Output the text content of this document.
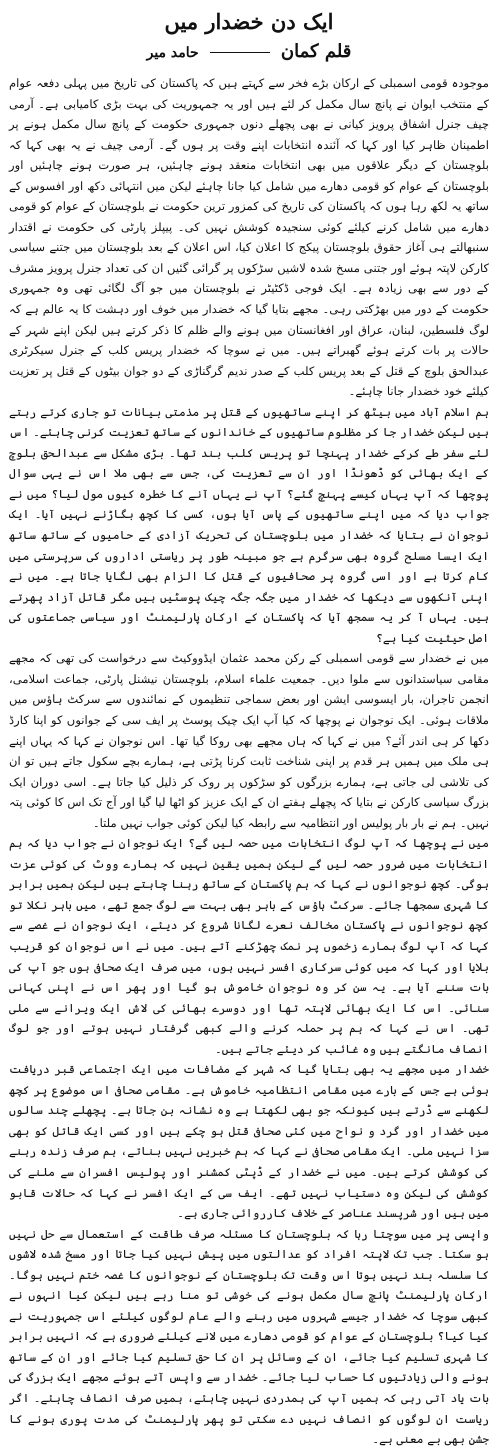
ایک دن خضدار میں
قلم کمان  حامد میر

موجودہ قومی اسمبلی کے ارکان بڑے فخر سے کہتے ہیں کہ پاکستان کی تاریخ میں پہلی دفعہ عوام کے منتخب ایوان نے پانچ سال مکمل کر لئے ہیں اور یہ جمہوریت کی بہت بڑی کامیابی ہے۔ آرمی چیف جنرل اشفاق پرویز کیانی نے بھی پچھلے دنوں جمہوری حکومت کے پانچ سال مکمل ہونے پر اطمینان ظاہر کیا اور کہا کہ آئندہ انتخابات اپنے وقت پر ہوں گے۔ آرمی چیف نے یہ بھی کہا کہ بلوچستان کے دیگر علاقوں میں بھی انتخابات منعقد ہونے چاہئیں، ہر صورت ہونے چاہئیں اور بلوچستان کے عوام کو قومی دھارے میں شامل کیا جانا چاہئے لیکن میں انتہائی دکھ اور افسوس کے ساتھ یہ لکھ رہا ہوں کہ پاکستان کی تاریخ کی کمزور ترین حکومت نے بلوچستان کے عوام کو قومی دھارے میں شامل کرنے کیلئے کوئی سنجیدہ کوشش نہیں کی۔ پیپلز پارٹی کی حکومت نے اقتدار سنبھالتے ہی آغاز حقوق بلوچستان پیکج کا اعلان کیا، اس اعلان کے بعد بلوچستان میں جتنے سیاسی کارکن لاپتہ ہوئے اور جتنی مسخ شدہ لاشیں سڑکوں پر گرائی گئیں ان کی تعداد جنرل پرویز مشرف کے دور سے بھی زیادہ ہے۔ ایک فوجی ڈکٹیٹر نے بلوچستان میں جو آگ لگائی تھی وہ جمہوری حکومت کے دور میں بھڑکتی رہی۔ مجھے بتایا گیا کہ خضدار میں خوف اور دہشت کا یہ عالم ہے کہ لوگ فلسطین، لبنان، عراق اور افغانستان میں ہونے والے ظلم کا ذکر کرتے ہیں لیکن اپنے شہر کے حالات پر بات کرتے ہوئے گھبراتے ہیں۔ میں نے سوچا کہ خضدار پریس کلب کے جنرل سیکرٹری عبدالحق بلوچ کے قتل کے بعد پریس کلب کے صدر ندیم گرگناڑی کے دو جوان بیٹوں کے قتل پر تعزیت کیلئے خود خضدار جانا چاہئے۔

ہم اسلام آباد میں بیٹھ کر اپنے ساتھیوں کے قتل پر مذمتی بیانات تو جاری کرتے رہتے ہیں لیکن خضدار جا کر مظلوم ساتھیوں کے خاندانوں کے ساتھ تعزیت کرنی چاہئے۔ اس لئے سفر طے کرکے خضدار پہنچا تو پریس کلب بند تھا۔ بڑی مشکل سے عبدالحق بلوچ کے ایک بھائی کو ڈھونڈا اور ان سے تعزیت کی، جس سے بھی ملا اس نے یہی سوال پوچھا کہ آپ یہاں کیسے پہنچ گئے؟ آپ نے یہاں آنے کا خطرہ کیوں مول لیا؟ میں نے جواب دیا کہ میں اپنے ساتھیوں کے پاس آیا ہوں، کسی کا کچھ بگاڑنے نہیں آیا۔ ایک نوجوان نے بتایا کہ خضدار میں بلوچستان کی تحریک آزادی کے حامیوں کے ساتھ ساتھ ایک ایسا مسلح گروہ بھی سرگرم ہے جو مبینہ طور پر ریاستی اداروں کی سرپرستی میں کام کرتا ہے اور اسی گروہ پر صحافیوں کے قتل کا الزام بھی لگایا جاتا ہے۔ میں نے اپنی آنکھوں سے دیکھا کہ خضدار میں جگہ جگہ چیک پوسٹیں ہیں مگر قاتل آزاد پھرتے ہیں۔ یہاں آ کر یہ سمجھ آیا کہ پاکستان کے ارکان پارلیمنٹ اور سیاسی جماعتوں کی اصل حیثیت کیا ہے؟

میں نے خضدار سے قومی اسمبلی کے رکن محمد عثمان ایڈووکیٹ سے درخواست کی تھی کہ مجھے مقامی سیاستدانوں سے ملوا دیں۔ جمعیت علماء اسلام، بلوچستان نیشنل پارٹی، جماعت اسلامی، انجمن تاجران، بار ایسوسی ایشن اور بعض سماجی تنظیموں کے نمائندوں سے سرکٹ ہاؤس میں ملاقات ہوئی۔ ایک نوجوان نے پوچھا کہ کیا آپ ایک چیک پوسٹ پر ایف سی کے جوانوں کو اپنا کارڈ دکھا کر ہی اندر آئے؟ میں نے کہا کہ ہاں مجھے بھی روکا گیا تھا۔ اس نوجوان نے کہا کہ یہاں اپنے ہی ملک میں ہمیں ہر قدم پر اپنی شناخت ثابت کرنا پڑتی ہے، ہمارے بچے سکول جاتے ہیں تو ان کی تلاشی لی جاتی ہے، ہمارے بزرگوں کو سڑکوں پر روک کر ذلیل کیا جاتا ہے۔ اسی دوران ایک بزرگ سیاسی کارکن نے بتایا کہ پچھلے ہفتے ان کے ایک عزیز کو اٹھا لیا گیا اور آج تک اس کا کوئی پتہ نہیں۔ ہم نے بار بار پولیس اور انتظامیہ سے رابطہ کیا لیکن کوئی جواب نہیں ملتا۔

میں نے پوچھا کہ آپ لوگ انتخابات میں حصہ لیں گے؟ ایک نوجوان نے جواب دیا کہ ہم انتخابات میں ضرور حصہ لیں گے لیکن ہمیں یقین نہیں کہ ہمارے ووٹ کی کوئی عزت ہوگی۔ کچھ نوجوانوں نے کہا کہ ہم پاکستان کے ساتھ رہنا چاہتے ہیں لیکن ہمیں برابر کا شہری سمجھا جائے۔ سرکٹ ہاؤس کے باہر بھی بہت سے لوگ جمع تھے، میں باہر نکلا تو کچھ نوجوانوں نے پاکستان مخالف نعرے لگانا شروع کر دیئے، ایک نوجوان نے غصے سے کہا کہ آپ لوگ ہمارے زخموں پر نمک چھڑکنے آتے ہیں۔ میں نے اس نوجوان کو قریب بلایا اور کہا کہ میں کوئی سرکاری افسر نہیں ہوں، میں صرف ایک صحافی ہوں جو آپ کی بات سننے آیا ہے۔ یہ سن کر وہ نوجوان خاموش ہو گیا اور پھر اس نے اپنی کہانی سنائی۔ اس کا ایک بھائی لاپتہ تھا اور دوسرے بھائی کی لاش ایک ویرانے سے ملی تھی۔ اس نے کہا کہ ہم پر حملہ کرنے والے کبھی گرفتار نہیں ہوتے اور جو لوگ انصاف مانگتے ہیں وہ غائب کر دیئے جاتے ہیں۔

خضدار میں مجھے یہ بھی بتایا گیا کہ شہر کے مضافات میں ایک اجتماعی قبر دریافت ہوئی ہے جس کے بارے میں مقامی انتظامیہ خاموش ہے۔ مقامی صحافی اس موضوع پر کچھ لکھنے سے ڈرتے ہیں کیونکہ جو بھی لکھتا ہے وہ نشانہ بن جاتا ہے۔ پچھلے چند سالوں میں خضدار اور گرد و نواح میں کئی صحافی قتل ہو چکے ہیں اور کسی ایک قاتل کو بھی سزا نہیں ملی۔ ایک مقامی صحافی نے کہا کہ ہم خبریں نہیں بناتے، ہم صرف زندہ رہنے کی کوشش کرتے ہیں۔ میں نے خضدار کے ڈپٹی کمشنر اور پولیس افسران سے ملنے کی کوشش کی لیکن وہ دستیاب نہیں تھے۔ ایف سی کے ایک افسر نے کہا کہ حالات قابو میں ہیں اور شرپسند عناصر کے خلاف کارروائی جاری ہے۔

واپسی پر میں سوچتا رہا کہ بلوچستان کا مسئلہ صرف طاقت کے استعمال سے حل نہیں ہو سکتا۔ جب تک لاپتہ افراد کو عدالتوں میں پیش نہیں کیا جاتا اور مسخ شدہ لاشوں کا سلسلہ بند نہیں ہوتا اس وقت تک بلوچستان کے نوجوانوں کا غصہ ختم نہیں ہوگا۔ ارکان پارلیمنٹ پانچ سال مکمل ہونے کی خوشی تو منا رہے ہیں لیکن کیا انہوں نے کبھی سوچا کہ خضدار جیسے شہروں میں رہنے والے عام لوگوں کیلئے اس جمہوریت نے کیا کیا؟ بلوچستان کے عوام کو قومی دھارے میں لانے کیلئے ضروری ہے کہ انہیں برابر کا شہری تسلیم کیا جائے، ان کے وسائل پر ان کا حق تسلیم کیا جائے اور ان کے ساتھ ہونے والی زیادتیوں کا حساب لیا جائے۔ خضدار سے واپس آتے ہوئے مجھے ایک بزرگ کی بات یاد آتی رہی کہ ہمیں آپ کی ہمدردی نہیں چاہئے، ہمیں صرف انصاف چاہئے۔ اگر ریاست ان لوگوں کو انصاف نہیں دے سکتی تو پھر پارلیمنٹ کی مدت پوری ہونے کا جشن بھی بے معنی ہے۔
